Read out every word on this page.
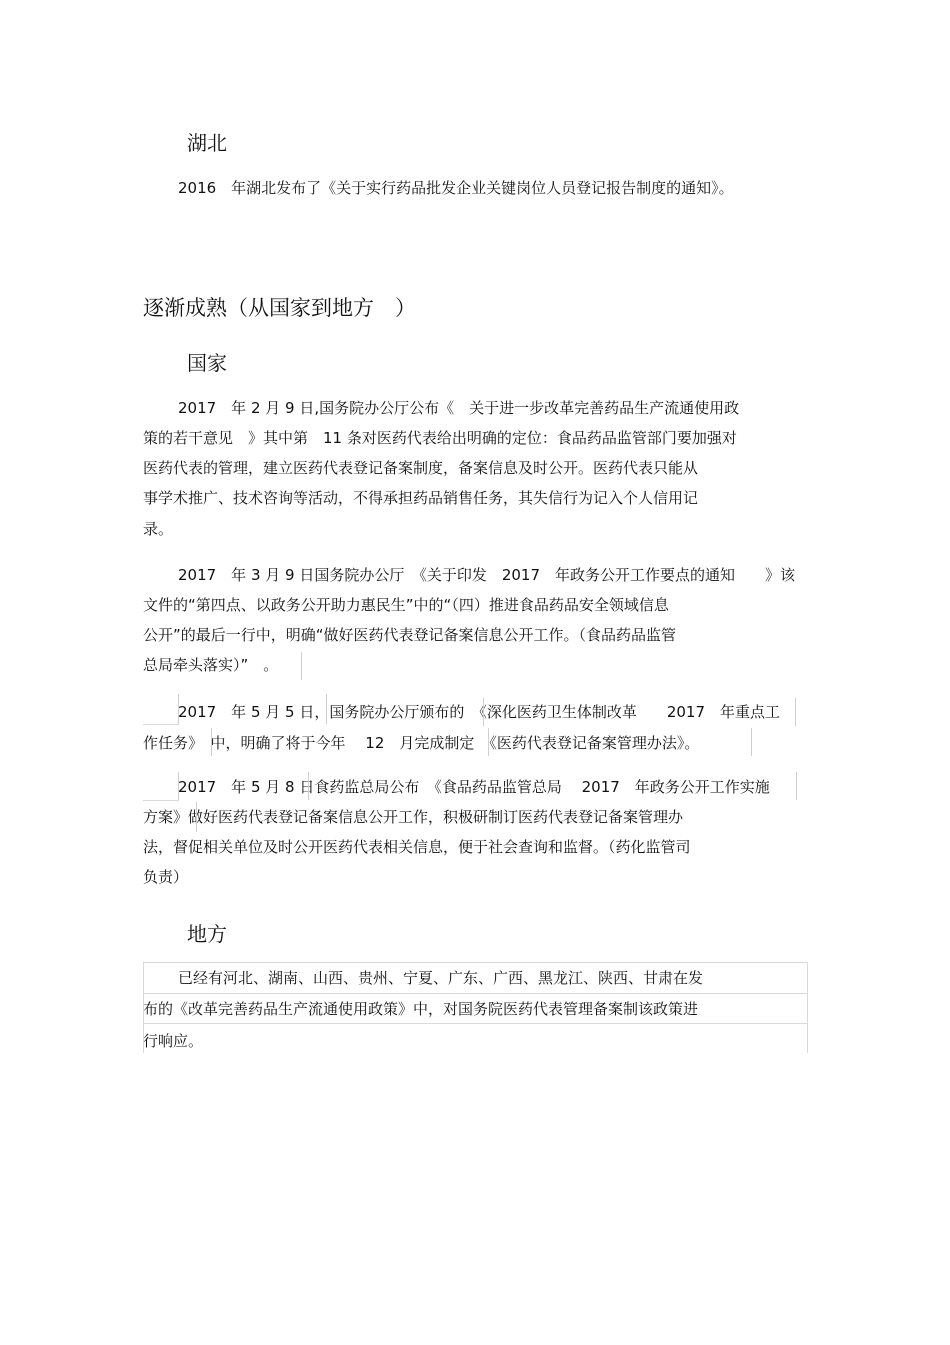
湖北
2016　年湖北发布了《关于实行药品批发企业关键岗位人员登记报告制度的通知》。
逐渐成熟（从国家到地方　）
国家
2017　年 2 月 9 日,国务院办公厅公布《　关于进一步改革完善药品生产流通使用政
策的若干意见　》其中第　11 条对医药代表给出明确的定位：食品药品监管部门要加强对
医药代表的管理，建立医药代表登记备案制度，备案信息及时公开。医药代表只能从
事学术推广、技术咨询等活动，不得承担药品销售任务，其失信行为记入个人信用记
录。
2017　年 3 月 9 日国务院办公厅　《关于印发　2017　年政务公开工作要点的通知　　》该
文件的“第四点、以政务公开助力惠民生”中的“（四）推进食品药品安全领域信息
公开”的最后一行中，明确“做好医药代表登记备案信息公开工作。（食品药品监管
总局牵头落实）”　。
2017　年 5 月 5 日，国务院办公厅颁布的　《深化医药卫生体制改革　　2017　年重点工
作任务》　中，明确了将于今年　 12　月完成制定　《医药代表登记备案管理办法》。
2017　年 5 月 8 日食药监总局公布　《食品药品监管总局　 2017　年政务公开工作实施
方案》做好医药代表登记备案信息公开工作，积极研制订医药代表登记备案管理办
法，督促相关单位及时公开医药代表相关信息，便于社会查询和监督。（药化监管司
负责）
地方
已经有河北、湖南、山西、贵州、宁夏、广东、广西、黑龙江、陕西、甘肃在发
布的《改革完善药品生产流通使用政策》中，对国务院医药代表管理备案制该政策进
行响应。
